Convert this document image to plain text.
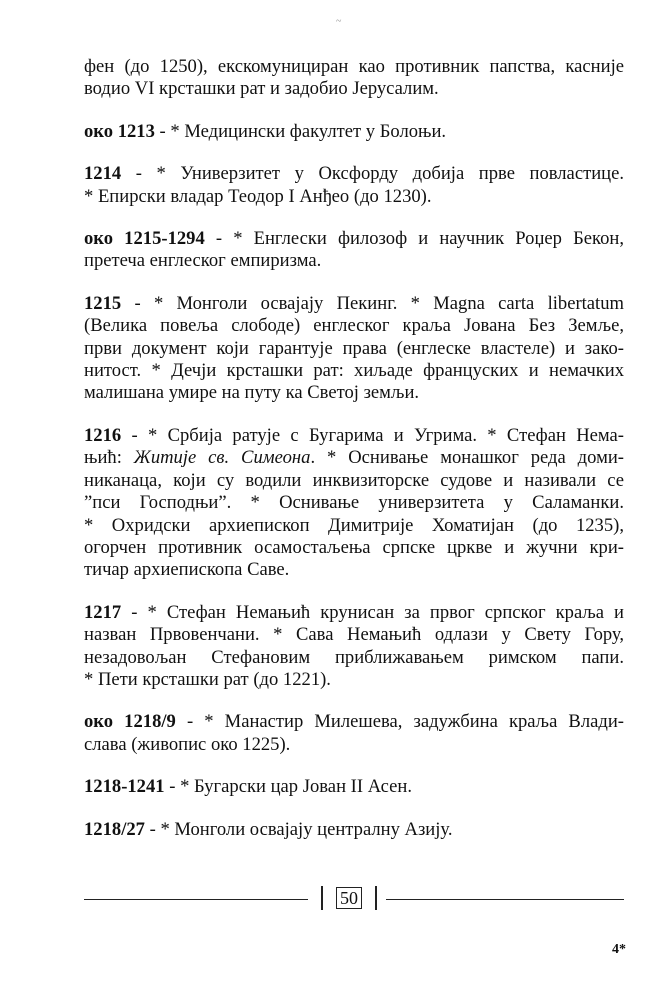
~
фен (до 1250), екскомунициран као противник папства, касније
водио VI крсташки рат и задобио Јерусалим.
око 1213 - * Медицински факултет у Болоњи.
1214 - * Универзитет у Оксфорду добија прве повластице.
* Епирски владар Теодор I Анђео (до 1230).
око 1215-1294 - * Енглески филозоф и научник Роџер Бекон,
претеча енглеског емпиризма.
1215 - * Монголи освајају Пекинг. * Magna carta libertatum
(Велика повеља слободе) енглеског краља Јована Без Земље,
први документ који гарантује права (енглеске властеле) и зако-
нитост. * Дечји крсташки рат: хиљаде француских и немачких
малишана умире на путу ка Светој земљи.
1216 - * Србија ратује с Бугарима и Угрима. * Стефан Нема-
њић: Житије св. Симеона. * Оснивање монашког реда доми-
никанаца, који су водили инквизиторске судове и називали се
”пси Господњи”. * Оснивање универзитета у Саламанки.
* Охридски архиепископ Димитрије Хоматијан (до 1235),
огорчен противник осамостаљења српске цркве и жучни кри-
тичар архиепископа Саве.
1217 - * Стефан Немањић крунисан за првог српског краља и
назван Првовенчани. * Сава Немањић одлази у Свету Гору,
незадовољан Стефановим приближавањем римском папи.
* Пети крсташки рат (до 1221).
око 1218/9 - * Манастир Милешева, задужбина краља Влади-
слава (живопис око 1225).
1218-1241 - * Бугарски цар Јован II Асен.
1218/27 - * Монголи освајају централну Азију.
50
4*
